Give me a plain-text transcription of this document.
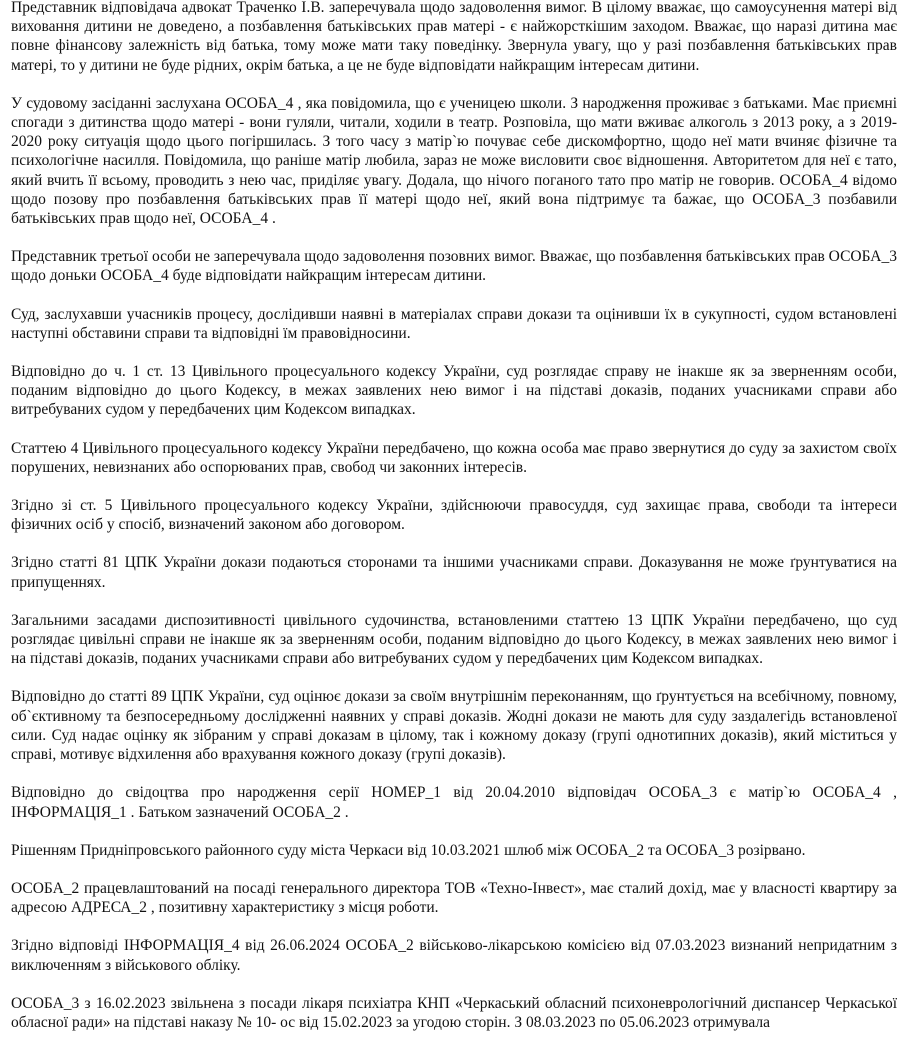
Представник відповідача адвокат Траченко І.В. заперечувала щодо задоволення вимог. В цілому вважає, що самоусунення матері від виховання дитини не доведено, а позбавлення батьківських прав матері - є найжорсткішим заходом. Вважає, що наразі дитина має повне фінансову залежність від батька, тому може мати таку поведінку. Звернула увагу, що у разі позбавлення батьківських прав матері, то у дитини не буде рідних, окрім батька, а це не буде відповідати найкращим інтересам дитини.

У судовому засіданні заслухана ОСОБА_4 , яка повідомила, що є ученицею школи. З народження проживає з батьками. Має приємні спогади з дитинства щодо матері - вони гуляли, читали, ходили в театр. Розповіла, що мати вживає алкоголь з 2013 року, а з 2019-2020 року ситуація щодо цього погіршилась. З того часу з матір`ю почуває себе дискомфортно, щодо неї мати вчиняє фізичне та психологічне насилля. Повідомила, що раніше матір любила, зараз не може висловити своє відношення. Авторитетом для неї є тато, який вчить її всьому, проводить з нею час, приділяє увагу. Додала, що нічого поганого тато про матір не говорив. ОСОБА_4 відомо щодо позову про позбавлення батьківських прав її матері щодо неї, який вона підтримує та бажає, що ОСОБА_3 позбавили батьківських прав щодо неї, ОСОБА_4 .

Представник третьої особи не заперечувала щодо задоволення позовних вимог. Вважає, що позбавлення батьківських прав ОСОБА_3 щодо доньки ОСОБА_4 буде відповідати найкращим інтересам дитини.

Суд, заслухавши учасників процесу, дослідивши наявні в матеріалах справи докази та оцінивши їх в сукупності, судом встановлені наступні обставини справи та відповідні їм правовідносини.

Відповідно до ч. 1 ст. 13 Цивільного процесуального кодексу України, суд розглядає справу не інакше як за зверненням особи, поданим відповідно до цього Кодексу, в межах заявлених нею вимог і на підставі доказів, поданих учасниками справи або витребуваних судом у передбачених цим Кодексом випадках.

Статтею 4 Цивільного процесуального кодексу України передбачено, що кожна особа має право звернутися до суду за захистом своїх порушених, невизнаних або оспорюваних прав, свобод чи законних інтересів.

Згідно зі ст. 5 Цивільного процесуального кодексу України, здійснюючи правосуддя, суд захищає права, свободи та інтереси фізичних осіб у спосіб, визначений законом або договором.

Згідно статті 81 ЦПК України докази подаються сторонами та іншими учасниками справи. Доказування не може ґрунтуватися на припущеннях.

Загальними засадами диспозитивності цивільного судочинства, встановленими статтею 13 ЦПК України передбачено, що суд розглядає цивільні справи не інакше як за зверненням особи, поданим відповідно до цього Кодексу, в межах заявлених нею вимог і на підставі доказів, поданих учасниками справи або витребуваних судом у передбачених цим Кодексом випадках.

Відповідно до статті 89 ЦПК України, суд оцінює докази за своїм внутрішнім переконанням, що ґрунтується на всебічному, повному, об`єктивному та безпосередньому дослідженні наявних у справі доказів. Жодні докази не мають для суду заздалегідь встановленої сили. Суд надає оцінку як зібраним у справі доказам в цілому, так і кожному доказу (групі однотипних доказів), який міститься у справі, мотивує відхилення або врахування кожного доказу (групі доказів).

Відповідно до свідоцтва про народження серії НОМЕР_1 від 20.04.2010 відповідач ОСОБА_3 є матір`ю ОСОБА_4 , ІНФОРМАЦІЯ_1 . Батьком зазначений ОСОБА_2 .

Рішенням Придніпровського районного суду міста Черкаси від 10.03.2021 шлюб між ОСОБА_2 та ОСОБА_3 розірвано.

ОСОБА_2 працевлаштований на посаді генерального директора ТОВ «Техно-Інвест», має сталий дохід, має у власності квартиру за адресою АДРЕСА_2 , позитивну характеристику з місця роботи.

Згідно відповіді ІНФОРМАЦІЯ_4 від 26.06.2024 ОСОБА_2 військово-лікарською комісією від 07.03.2023 визнаний непридатним з виключенням з військового обліку.

ОСОБА_3 з 16.02.2023 звільнена з посади лікаря психіатра КНП «Черкаський обласний психоневрологічний диспансер Черкаської обласної ради» на підставі наказу № 10- ос від 15.02.2023 за угодою сторін. З 08.03.2023 по 05.06.2023 отримувала
